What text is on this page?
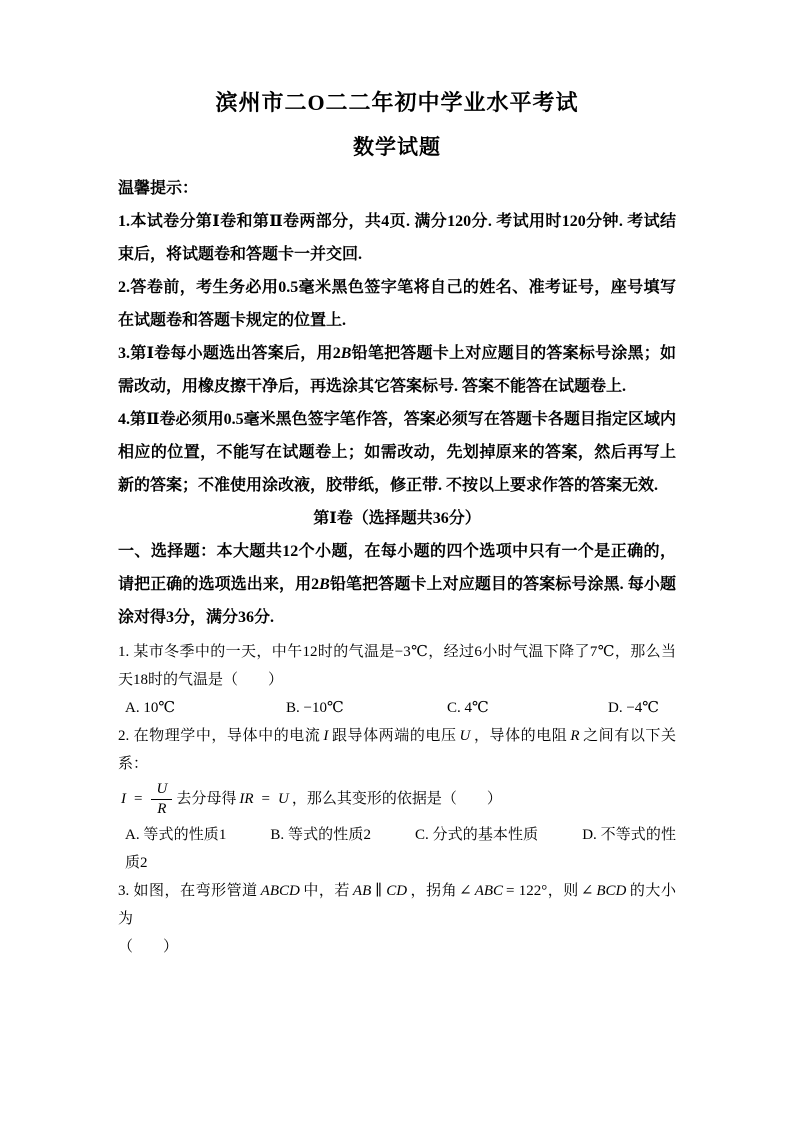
滨州市二O二二年初中学业水平考试
数学试题

温馨提示：

1.本试卷分第Ⅰ卷和第Ⅱ卷两部分，共4页. 满分120分. 考试用时120分钟. 考试结束后，将试题卷和答题卡一并交回.

2.答卷前，考生务必用0.5毫米黑色签字笔将自己的姓名、准考证号，座号填写在试题卷和答题卡规定的位置上.

3.第Ⅰ卷每小题选出答案后，用2B铅笔把答题卡上对应题目的答案标号涂黑；如需改动，用橡皮擦干净后，再选涂其它答案标号. 答案不能答在试题卷上.

4.第Ⅱ卷必须用0.5毫米黑色签字笔作答，答案必须写在答题卡各题目指定区域内相应的位置，不能写在试题卷上；如需改动，先划掉原来的答案，然后再写上新的答案；不准使用涂改液，胶带纸，修正带. 不按以上要求作答的答案无效.

第Ⅰ卷（选择题共36分）

一、选择题：本大题共12个小题，在每小题的四个选项中只有一个是正确的，请把正确的选项选出来，用2B铅笔把答题卡上对应题目的答案标号涂黑. 每小题涂对得3分，满分36分.

1. 某市冬季中的一天，中午12时的气温是−3℃，经过6小时气温下降了7℃，那么当天18时的气温是（　　）

A. 10℃	B. −10℃	C. 4℃	D. −4℃

2. 在物理学中，导体中的电流 I 跟导体两端的电压 U ，导体的电阻 R 之间有以下关系：

$I = \frac{U}{R}$ 去分母得 IR = U ，那么其变形的依据是（　　）

A. 等式的性质1	B. 等式的性质2	C. 分式的基本性质	D. 不等式的性质2

3. 如图，在弯形管道 ABCD 中，若 AB ∥ CD ，拐角 ∠ ABC = 122°，则 ∠ BCD 的大小为
（　　）
